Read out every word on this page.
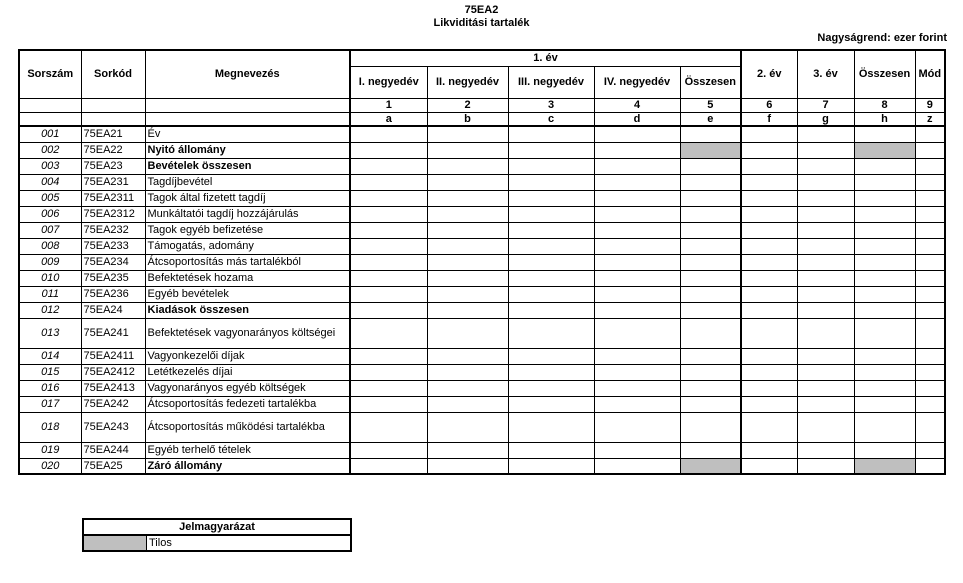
75EA2
Likviditási tartalék
Nagyságrend: ezer forint
Sorszám	Sorkód	Megnevezés	1. év					2. év	3. év	Összesen	Mód
			I. negyedév	II. negyedév	III. negyedév	IV. negyedév	Összesen				
			1	2	3	4	5	6	7	8	9
			a	b	c	d	e	f	g	h	z
001	75EA21	Év									
002	75EA22	Nyitó állomány									
003	75EA23	Bevételek összesen									
004	75EA231	Tagdíjbevétel									
005	75EA2311	Tagok által fizetett tagdíj									
006	75EA2312	Munkáltatói tagdíj hozzájárulás									
007	75EA232	Tagok egyéb befizetése									
008	75EA233	Támogatás, adomány									
009	75EA234	Átcsoportosítás más tartalékból									
010	75EA235	Befektetések hozama									
011	75EA236	Egyéb bevételek									
012	75EA24	Kiadások összesen									
013	75EA241	Befektetések vagyonarányos költségei									
014	75EA2411	Vagyonkezelői díjak									
015	75EA2412	Letétkezelés díjai									
016	75EA2413	Vagyonarányos egyéb költségek									
017	75EA242	Átcsoportosítás fedezeti tartalékba									
018	75EA243	Átcsoportosítás működési tartalékba									
019	75EA244	Egyéb terhelő tételek									
020	75EA25	Záró állomány									
Jelmagyarázat
	Tilos
